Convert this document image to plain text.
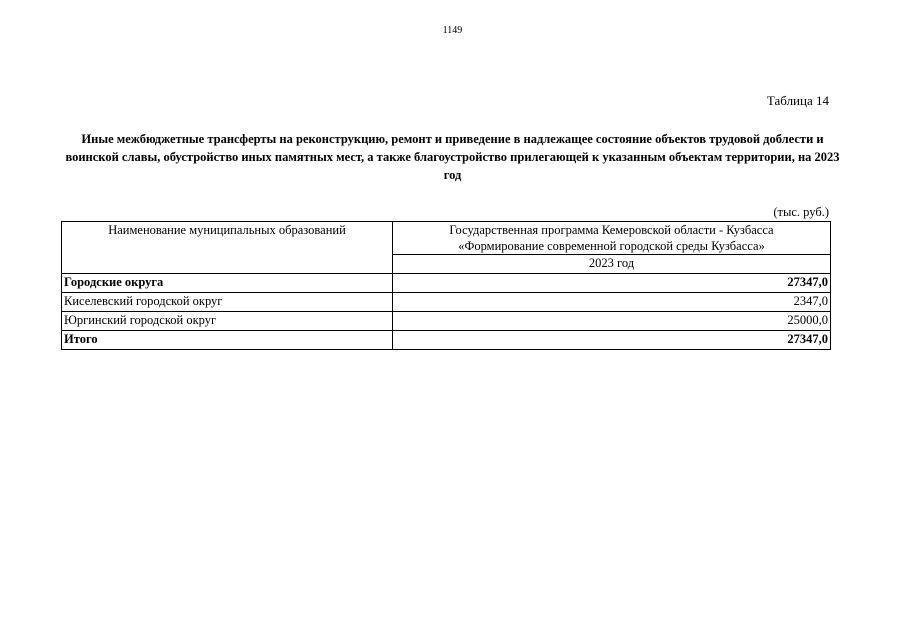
1149
Таблица 14
Иные межбюджетные трансферты на реконструкцию, ремонт и приведение в надлежащее состояние объектов трудовой доблести и воинской славы, обустройство иных памятных мест, а также благоустройство прилегающей к указанным объектам территории, на 2023 год
(тыс. руб.)
Наименование муниципальных образований	Государственная программа Кемеровской области - Кузбасса
«Формирование современной городской среды Кузбасса»

	2023 год
Городские округа	27347,0
Киселевский городской округ	2347,0
Юргинский городской округ	25000,0
Итого	27347,0
